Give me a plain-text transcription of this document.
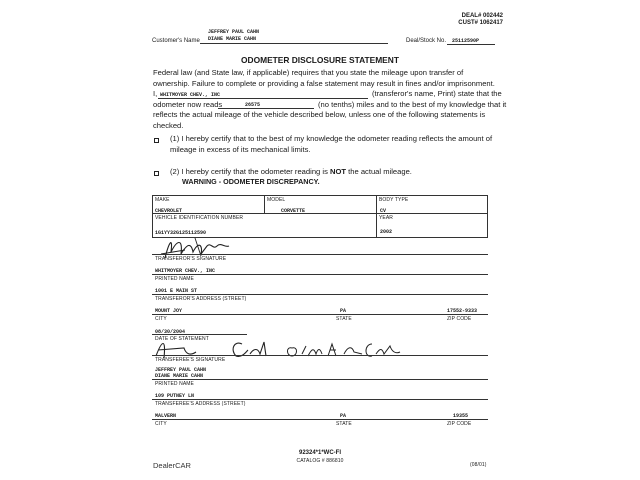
DEAL# 002442
CUST# 1062417
Customer's Name
JEFFREY PAUL CAHN
DIANE MARIE CAHN	Deal/Stock No. 25112590P
ODOMETER DISCLOSURE STATEMENT
Federal law (and State law, if applicable) requires that you state the mileage upon transfer of ownership. Failure to complete or providing a false statement may result in fines and/or imprisonment.
I, WHITMOYER CHEV., INC	(transferor's name, Print) state that the
odometer now reads	26575	(no tenths) miles and to the best of my knowledge that it
reflects the actual mileage of the vehicle described below, unless one of the following statements is checked.
(1) I hereby certify that to the best of my knowledge the odometer reading reflects the amount of mileage in excess of its mechanical limits.
(2) I hereby certify that the odometer reading is NOT the actual mileage.
WARNING - ODOMETER DISCREPANCY.
MAKE
CHEVROLET
MODEL
CORVETTE
BODY TYPE
CV
VEHICLE IDENTIFICATION NUMBER
1G1YY32G125112590
YEAR
2002
TRANSFEROR'S SIGNATURE
WHITMOYER CHEV., INC
PRINTED NAME
1001 E MAIN ST
TRANSFEROR'S ADDRESS (STREET)
MOUNT JOY	PA	17552-9333
CITY	STATE	ZIP CODE
08/30/2004
DATE OF STATEMENT
TRANSFEREE'S SIGNATURE
JEFFREY PAUL CAHN
DIANE MARIE CAHN
PRINTED NAME
109 PUTNEY LN
TRANSFEREE'S ADDRESS (STREET)
MALVERN	PA	19355
CITY	STATE	ZIP CODE
DealerCAR
92324*1*WC-FI
CATALOG # 886810
(08/01)
